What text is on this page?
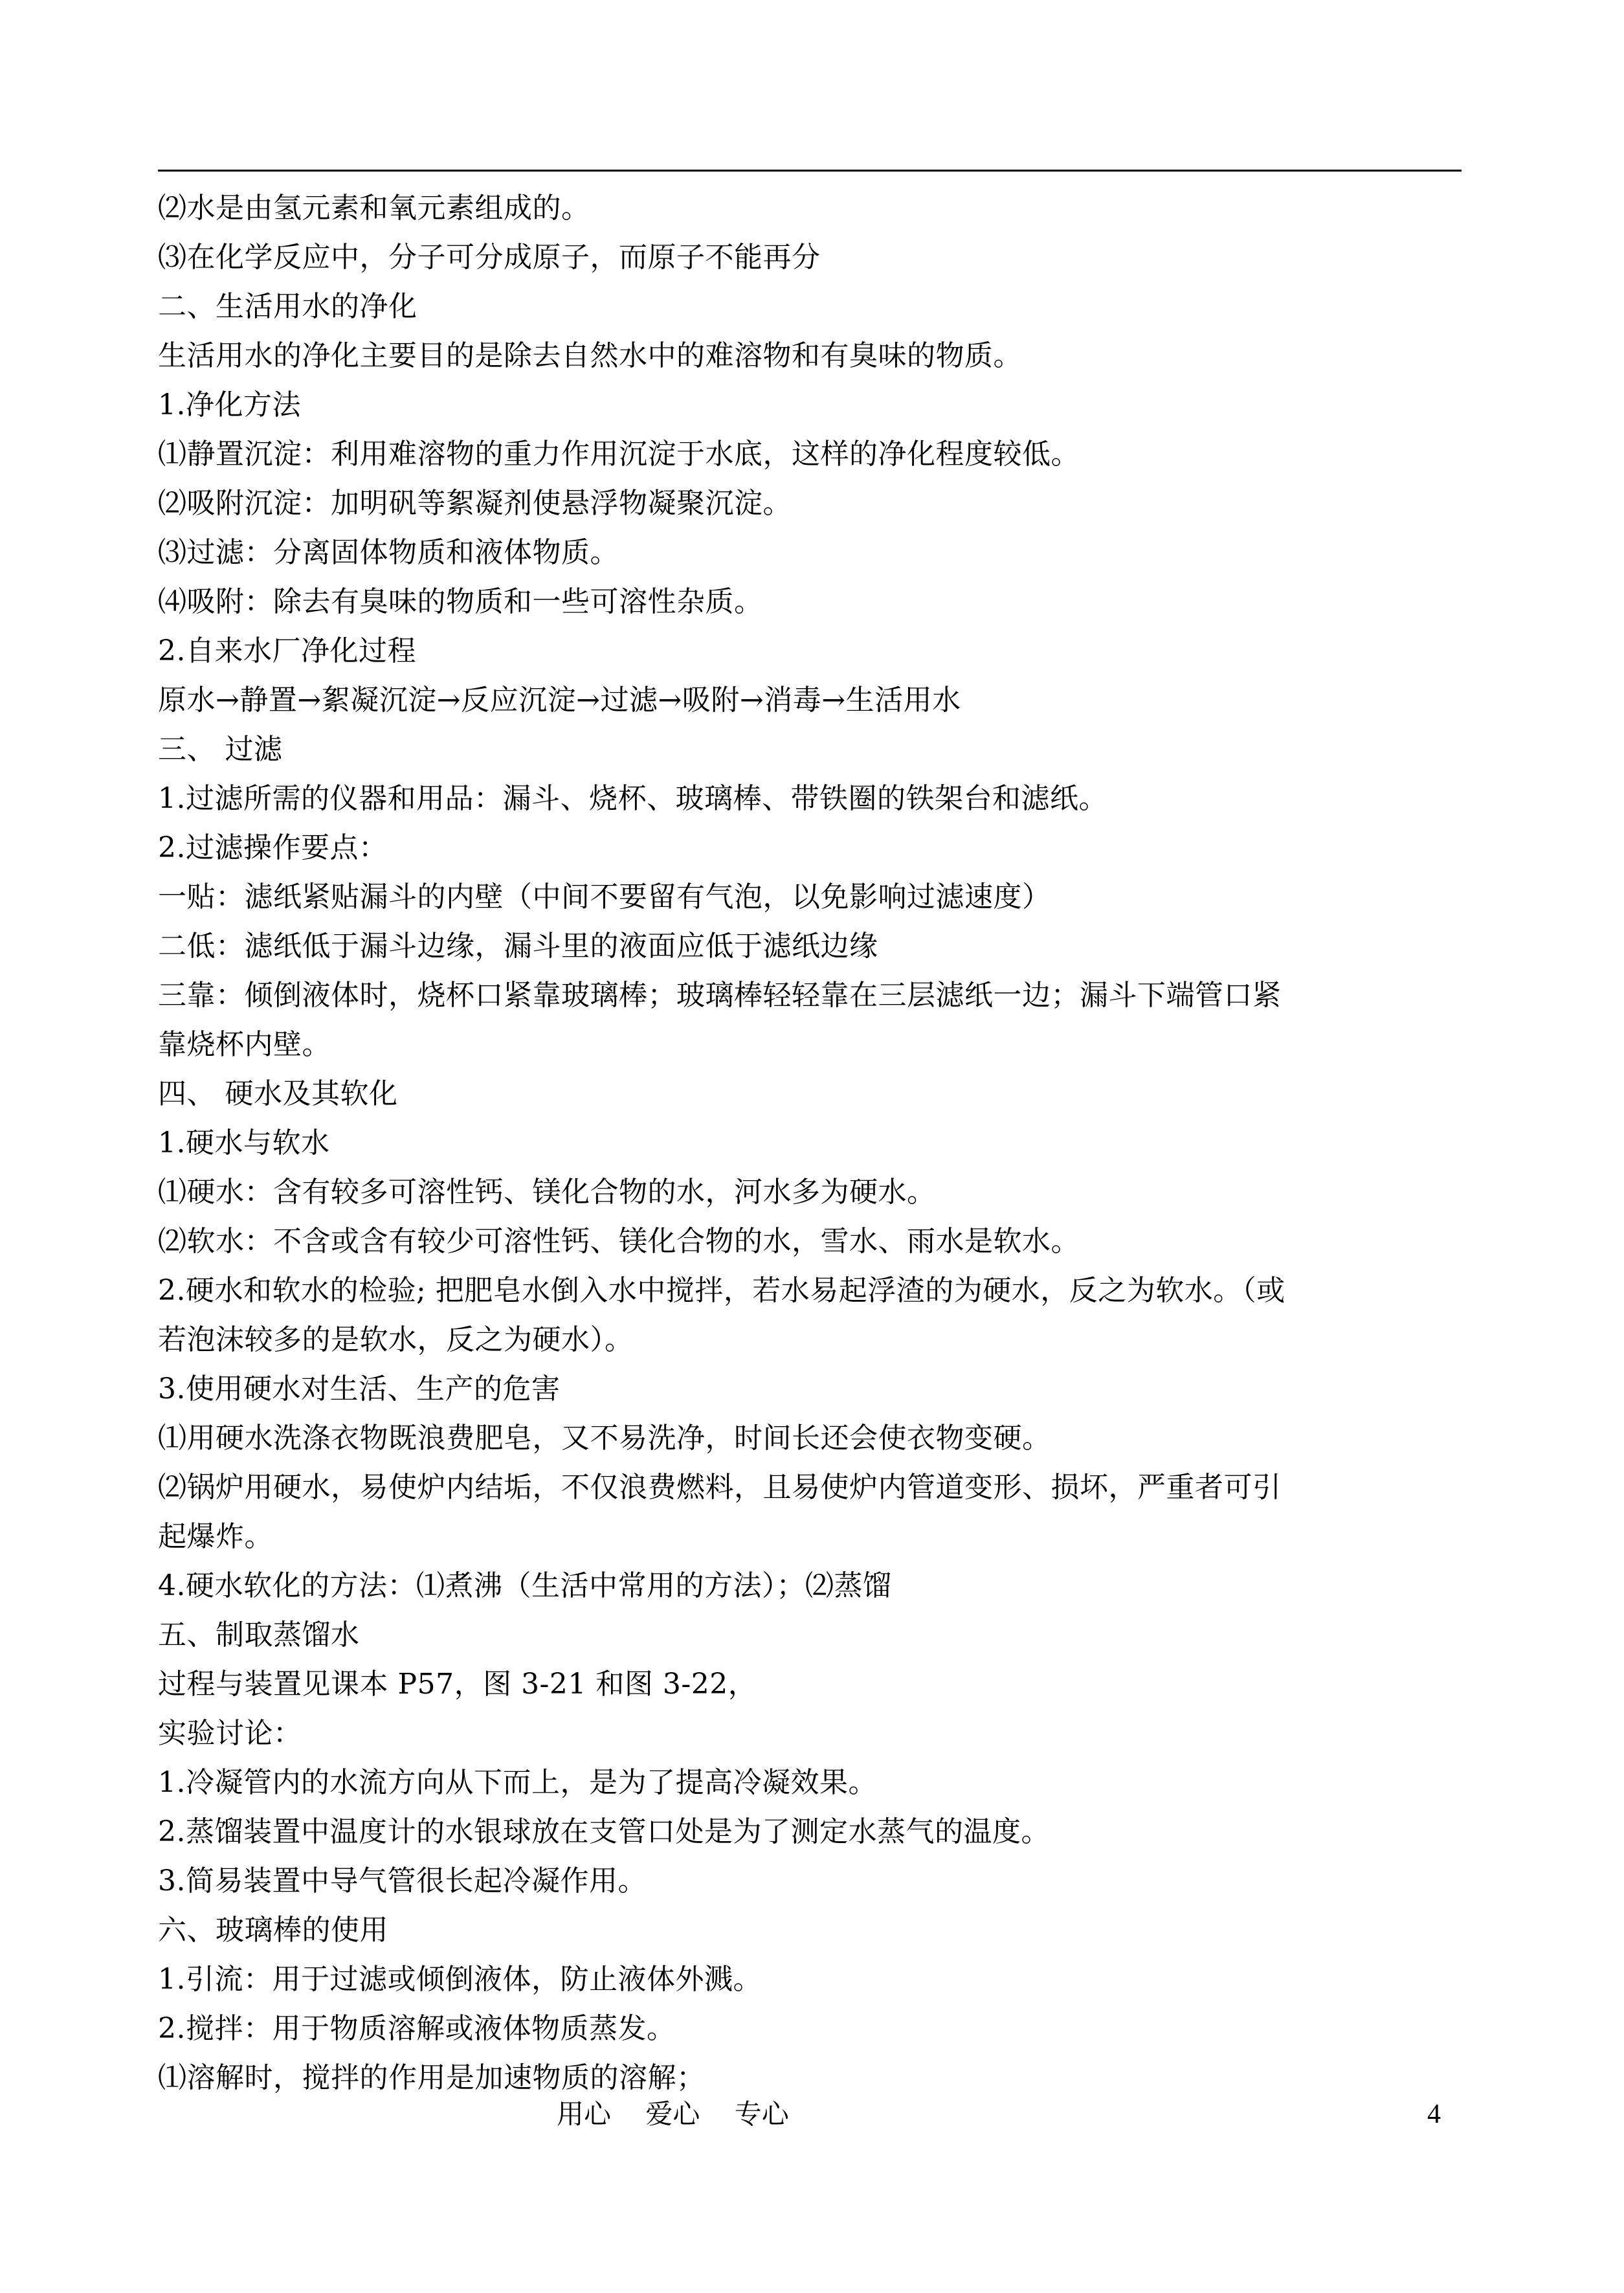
⑵水是由氢元素和氧元素组成的。
⑶在化学反应中，分子可分成原子，而原子不能再分
二、生活用水的净化
生活用水的净化主要目的是除去自然水中的难溶物和有臭味的物质。
1.净化方法
⑴静置沉淀：利用难溶物的重力作用沉淀于水底，这样的净化程度较低。
⑵吸附沉淀：加明矾等絮凝剂使悬浮物凝聚沉淀。
⑶过滤：分离固体物质和液体物质。
⑷吸附：除去有臭味的物质和一些可溶性杂质。
2.自来水厂净化过程
原水→静置→絮凝沉淀→反应沉淀→过滤→吸附→消毒→生活用水
三、 过滤
1.过滤所需的仪器和用品：漏斗、烧杯、玻璃棒、带铁圈的铁架台和滤纸。
2.过滤操作要点：
一贴：滤纸紧贴漏斗的内壁（中间不要留有气泡，以免影响过滤速度）
二低：滤纸低于漏斗边缘，漏斗里的液面应低于滤纸边缘
三靠：倾倒液体时，烧杯口紧靠玻璃棒；玻璃棒轻轻靠在三层滤纸一边；漏斗下端管口紧
靠烧杯内壁。
四、 硬水及其软化
1.硬水与软水
⑴硬水：含有较多可溶性钙、镁化合物的水，河水多为硬水。
⑵软水：不含或含有较少可溶性钙、镁化合物的水，雪水、雨水是软水。
2.硬水和软水的检验; 把肥皂水倒入水中搅拌，若水易起浮渣的为硬水，反之为软水。（或
若泡沫较多的是软水，反之为硬水）。
3.使用硬水对生活、生产的危害
⑴用硬水洗涤衣物既浪费肥皂，又不易洗净，时间长还会使衣物变硬。
⑵锅炉用硬水，易使炉内结垢，不仅浪费燃料，且易使炉内管道变形、损坏，严重者可引
起爆炸。
4.硬水软化的方法：⑴煮沸（生活中常用的方法）；⑵蒸馏
五、制取蒸馏水
过程与装置见课本 P57，图 3-21 和图 3-22，
实验讨论：
1.冷凝管内的水流方向从下而上，是为了提高冷凝效果。
2.蒸馏装置中温度计的水银球放在支管口处是为了测定水蒸气的温度。
3.简易装置中导气管很长起冷凝作用。
六、玻璃棒的使用
1.引流：用于过滤或倾倒液体，防止液体外溅。
2.搅拌：用于物质溶解或液体物质蒸发。
⑴溶解时，搅拌的作用是加速物质的溶解；
用心    爱心    专心	4
